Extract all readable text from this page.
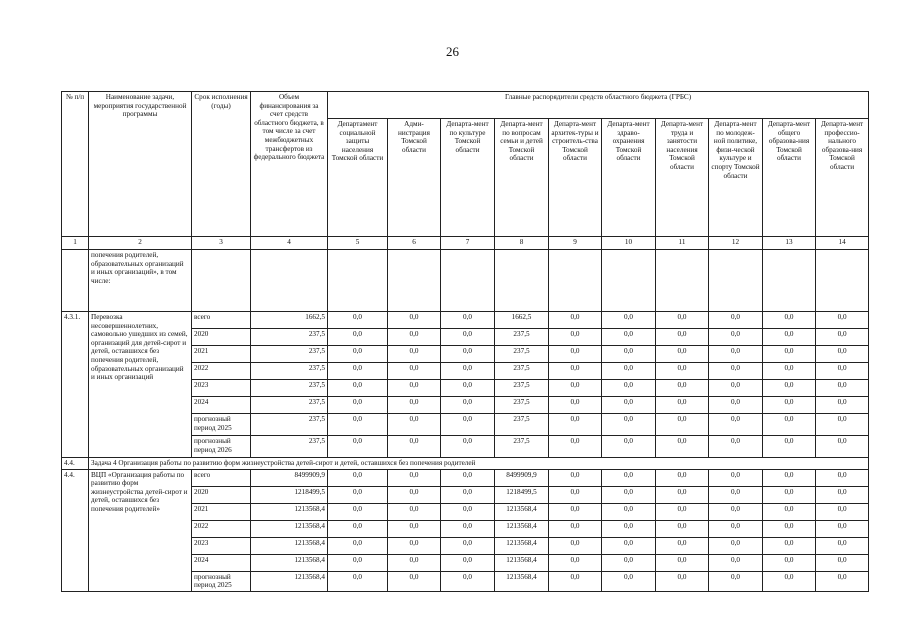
26
№ п/п	Наименование задачи, мероприятия государственной программы	Срок исполнения (годы)	Объем финансирования за счет средств областного бюджета, в том числе за счет межбюджетных трансфертов из федерального бюджета	Главные распорядители средств областного бюджета (ГРБС)									
				Департамент социальной защиты населения Томской области	Адми-нистрация Томской области	Департа-мент по культуре Томской области	Департа-мент по вопросам семьи и детей Томской области	Департа-мент архитек-туры и строитель-ства Томской области	Департа-мент здраво-охранения Томской области	Департа-мент труда и занятости населения Томской области	Департа-мент по молодеж-ной политике, физи-ческой культуре и спорту Томской области	Департа-мент общего образова-ния Томской области	Департа-мент профессио-нального образова-ния Томской области
1	2	3	4	5	6	7	8	9	10	11	12	13	14
	попечения родителей, образовательных организаций и иных организаций», в том числе:												
4.3.1.	Перевозка несовершеннолетних, самовольно ушедших из семей, организаций для детей-сирот и детей, оставшихся без попечения родителей, образовательных организаций и иных организаций	всего	1662,5	0,0	0,0	0,0	1662,5	0,0	0,0	0,0	0,0	0,0	0,0
		2020	237,5	0,0	0,0	0,0	237,5	0,0	0,0	0,0	0,0	0,0	0,0
		2021	237,5	0,0	0,0	0,0	237,5	0,0	0,0	0,0	0,0	0,0	0,0
		2022	237,5	0,0	0,0	0,0	237,5	0,0	0,0	0,0	0,0	0,0	0,0
		2023	237,5	0,0	0,0	0,0	237,5	0,0	0,0	0,0	0,0	0,0	0,0
		2024	237,5	0,0	0,0	0,0	237,5	0,0	0,0	0,0	0,0	0,0	0,0
		прогнозный период 2025	237,5	0,0	0,0	0,0	237,5	0,0	0,0	0,0	0,0	0,0	0,0
		прогнозный период 2026	237,5	0,0	0,0	0,0	237,5	0,0	0,0	0,0	0,0	0,0	0,0
4.4.	Задача 4 Организация работы по развитию форм жизнеустройства детей-сирот и детей, оставшихся без попечения родителей												
4.4.	ВЦП «Организация работы по развитию форм жизнеустройства детей-сирот и детей, оставшихся без попечения родителей»	всего	8499909,9	0,0	0,0	0,0	8499909,9	0,0	0,0	0,0	0,0	0,0	0,0
		2020	1218499,5	0,0	0,0	0,0	1218499,5	0,0	0,0	0,0	0,0	0,0	0,0
		2021	1213568,4	0,0	0,0	0,0	1213568,4	0,0	0,0	0,0	0,0	0,0	0,0
		2022	1213568,4	0,0	0,0	0,0	1213568,4	0,0	0,0	0,0	0,0	0,0	0,0
		2023	1213568,4	0,0	0,0	0,0	1213568,4	0,0	0,0	0,0	0,0	0,0	0,0
		2024	1213568,4	0,0	0,0	0,0	1213568,4	0,0	0,0	0,0	0,0	0,0	0,0
		прогнозный период 2025	1213568,4	0,0	0,0	0,0	1213568,4	0,0	0,0	0,0	0,0	0,0	0,0
